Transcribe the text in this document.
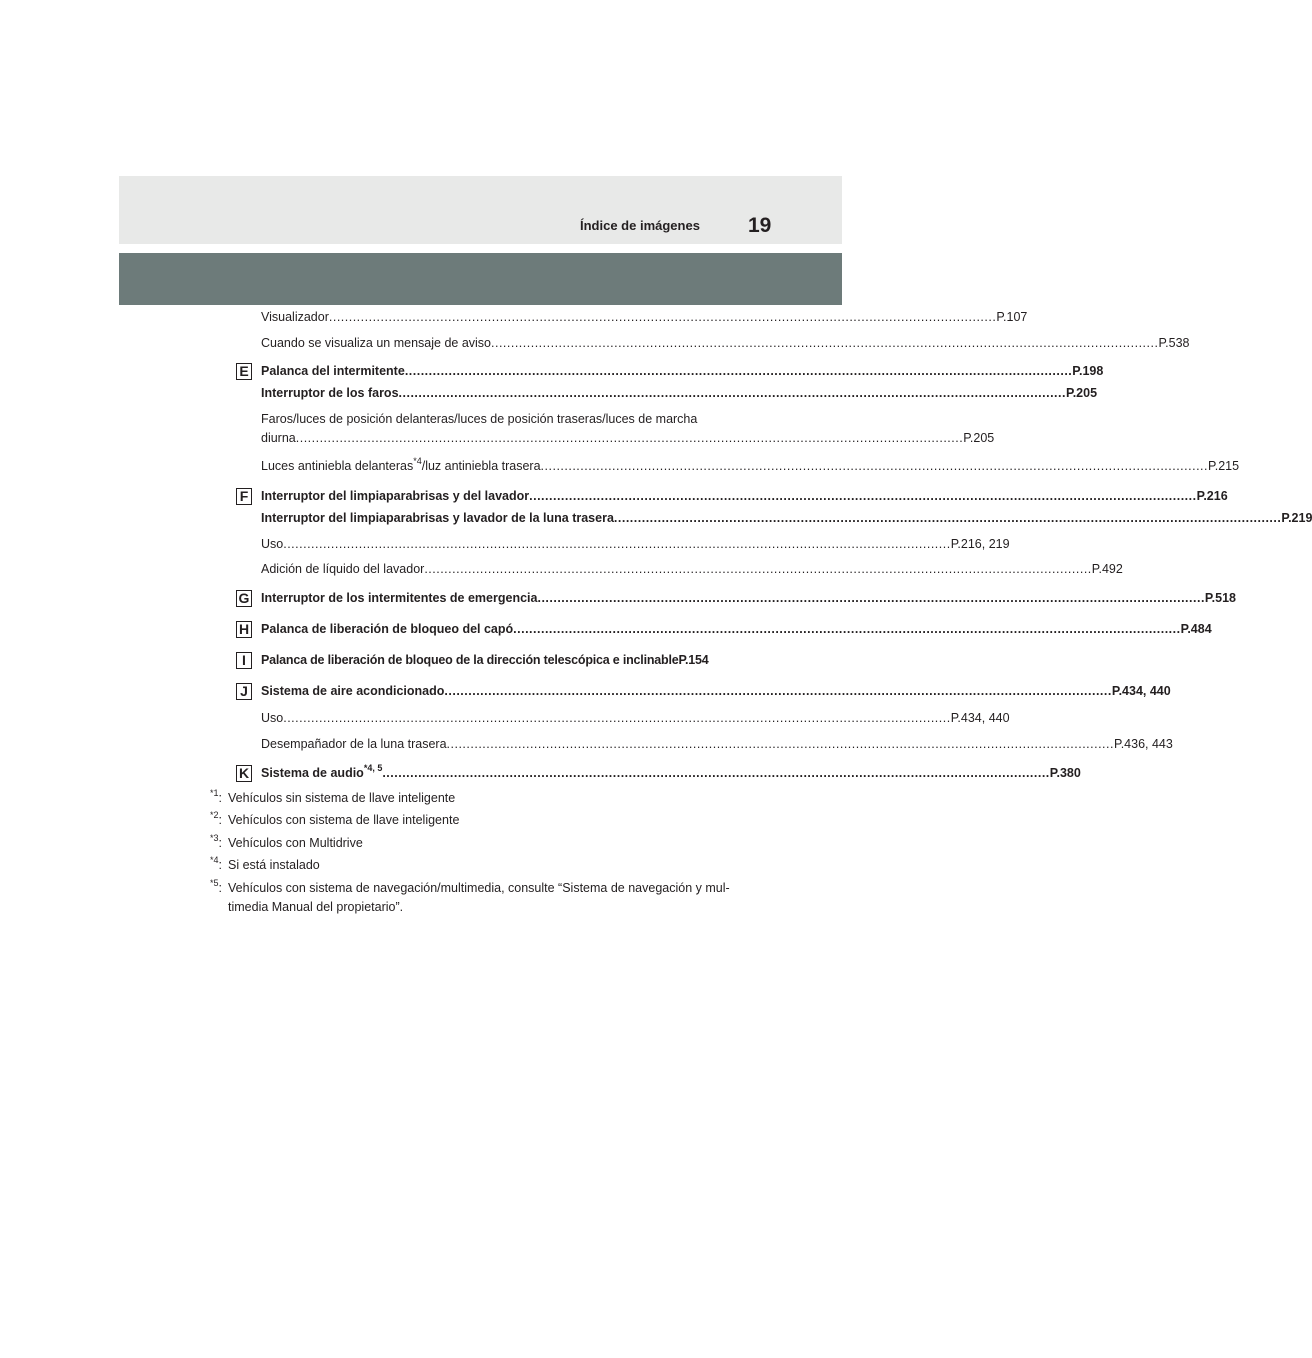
Índice de imágenes 19
Visualizador ........................................................................................................................................................................ P.107
Cuando se visualiza un mensaje de aviso ........................................................................................................................................................................ P.538
E Palanca del intermitente ........................................................................................................................................................................ P.198
Interruptor de los faros ........................................................................................................................................................................ P.205
Faros/luces de posición delanteras/luces de posición traseras/luces de marcha
diurna ........................................................................................................................................................................ P.205
Luces antiniebla delanteras$^{*4}$/luz antiniebla trasera ........................................................................................................................................................................ P.215
F Interruptor del limpiaparabrisas y del lavador ........................................................................................................................................................................ P.216
Interruptor del limpiaparabrisas y lavador de la luna trasera ........................................................................................................................................................................ P.219
Uso ........................................................................................................................................................................ P.216, 219
Adición de líquido del lavador ........................................................................................................................................................................ P.492
G Interruptor de los intermitentes de emergencia ........................................................................................................................................................................ P.518
H Palanca de liberación de bloqueo del capó ........................................................................................................................................................................ P.484
I	Palanca de liberación de bloqueo de la dirección telescópica e inclinable P.154
J	Sistema de aire acondicionado ........................................................................................................................................................................ P.434, 440
Uso ........................................................................................................................................................................ P.434, 440
Desempañador de la luna trasera ........................................................................................................................................................................ P.436, 443
K Sistema de audio$^{*4, 5}$ ........................................................................................................................................................................ P.380
$^{*1}$: Vehículos sin sistema de llave inteligente
$^{*2}$: Vehículos con sistema de llave inteligente
$^{*3}$: Vehículos con Multidrive
$^{*4}$: Si está instalado
$^{*5}$: Vehículos con sistema de navegación/multimedia, consulte “Sistema de navegación y mul-
timedia Manual del propietario”.
